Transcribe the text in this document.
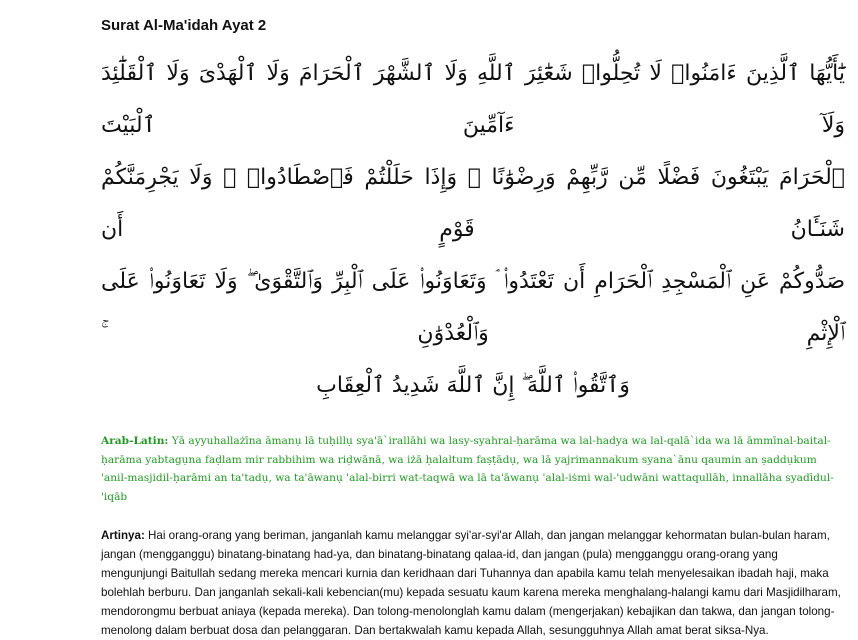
Surat Al-Ma'idah Ayat 2
يَٰٓأَيُّهَا ٱلَّذِينَ ءَامَنُوا۟ لَا تُحِلُّوا۟ شَعَٰٓئِرَ ٱللَّهِ وَلَا ٱلشَّهْرَ ٱلْحَرَامَ وَلَا ٱلْهَدْىَ وَلَا ٱلْقَلَٰٓئِدَ وَلَآ ءَآمِّينَ ٱلْبَيْتَ
ٱلْحَرَامَ يَبْتَغُونَ فَضْلًا مِّن رَّبِّهِمْ وَرِضْوَٰنًا ۚ وَإِذَا حَلَلْتُمْ فَٱصْطَادُوا۟ ۚ وَلَا يَجْرِمَنَّكُمْ شَنَـَٔانُ قَوْمٍ أَن
صَدُّوكُمْ عَنِ ٱلْمَسْجِدِ ٱلْحَرَامِ أَن تَعْتَدُوا۟ ۘ وَتَعَاوَنُوا۟ عَلَى ٱلْبِرِّ وَٱلتَّقْوَىٰ ۖ وَلَا تَعَاوَنُوا۟ عَلَى ٱلْإِثْمِ وَٱلْعُدْوَٰنِ ۚ
وَٱتَّقُوا۟ ٱللَّهَ ۖ إِنَّ ٱللَّهَ شَدِيدُ ٱلْعِقَابِ
Arab-Latin: Yā ayyuhallażīna āmanụ lā tuḥillụ sya'ā`irallāhi wa lasy-syahral-ḥarāma wa lal-hadya wa lal-qalā`ida wa lā āmmīnal-baital-ḥarāma yabtagụna faḍlam mir rabbihim wa riḍwānā, wa iżā ḥalaltum faṣṭādụ, wa lā yajrimannakum syana`ānu qaumin an ṣaddụkum 'anil-masjidil-ḥarāmi an ta'tadụ, wa ta'āwanụ 'alal-birri wat-taqwā wa lā ta'āwanụ 'alal-iṡmi wal-'udwāni wattaqullāh, innallāha syadīdul-'iqāb
Artinya: Hai orang-orang yang beriman, janganlah kamu melanggar syi'ar-syi'ar Allah, dan jangan melanggar kehormatan bulan-bulan haram, jangan (mengganggu) binatang-binatang had-ya, dan binatang-binatang qalaa-id, dan jangan (pula) mengganggu orang-orang yang mengunjungi Baitullah sedang mereka mencari kurnia dan keridhaan dari Tuhannya dan apabila kamu telah menyelesaikan ibadah haji, maka bolehlah berburu. Dan janganlah sekali-kali kebencian(mu) kepada sesuatu kaum karena mereka menghalang-halangi kamu dari Masjidilharam, mendorongmu berbuat aniaya (kepada mereka). Dan tolong-menolonglah kamu dalam (mengerjakan) kebajikan dan takwa, dan jangan tolong-menolong dalam berbuat dosa dan pelanggaran. Dan bertakwalah kamu kepada Allah, sesungguhnya Allah amat berat siksa-Nya.
